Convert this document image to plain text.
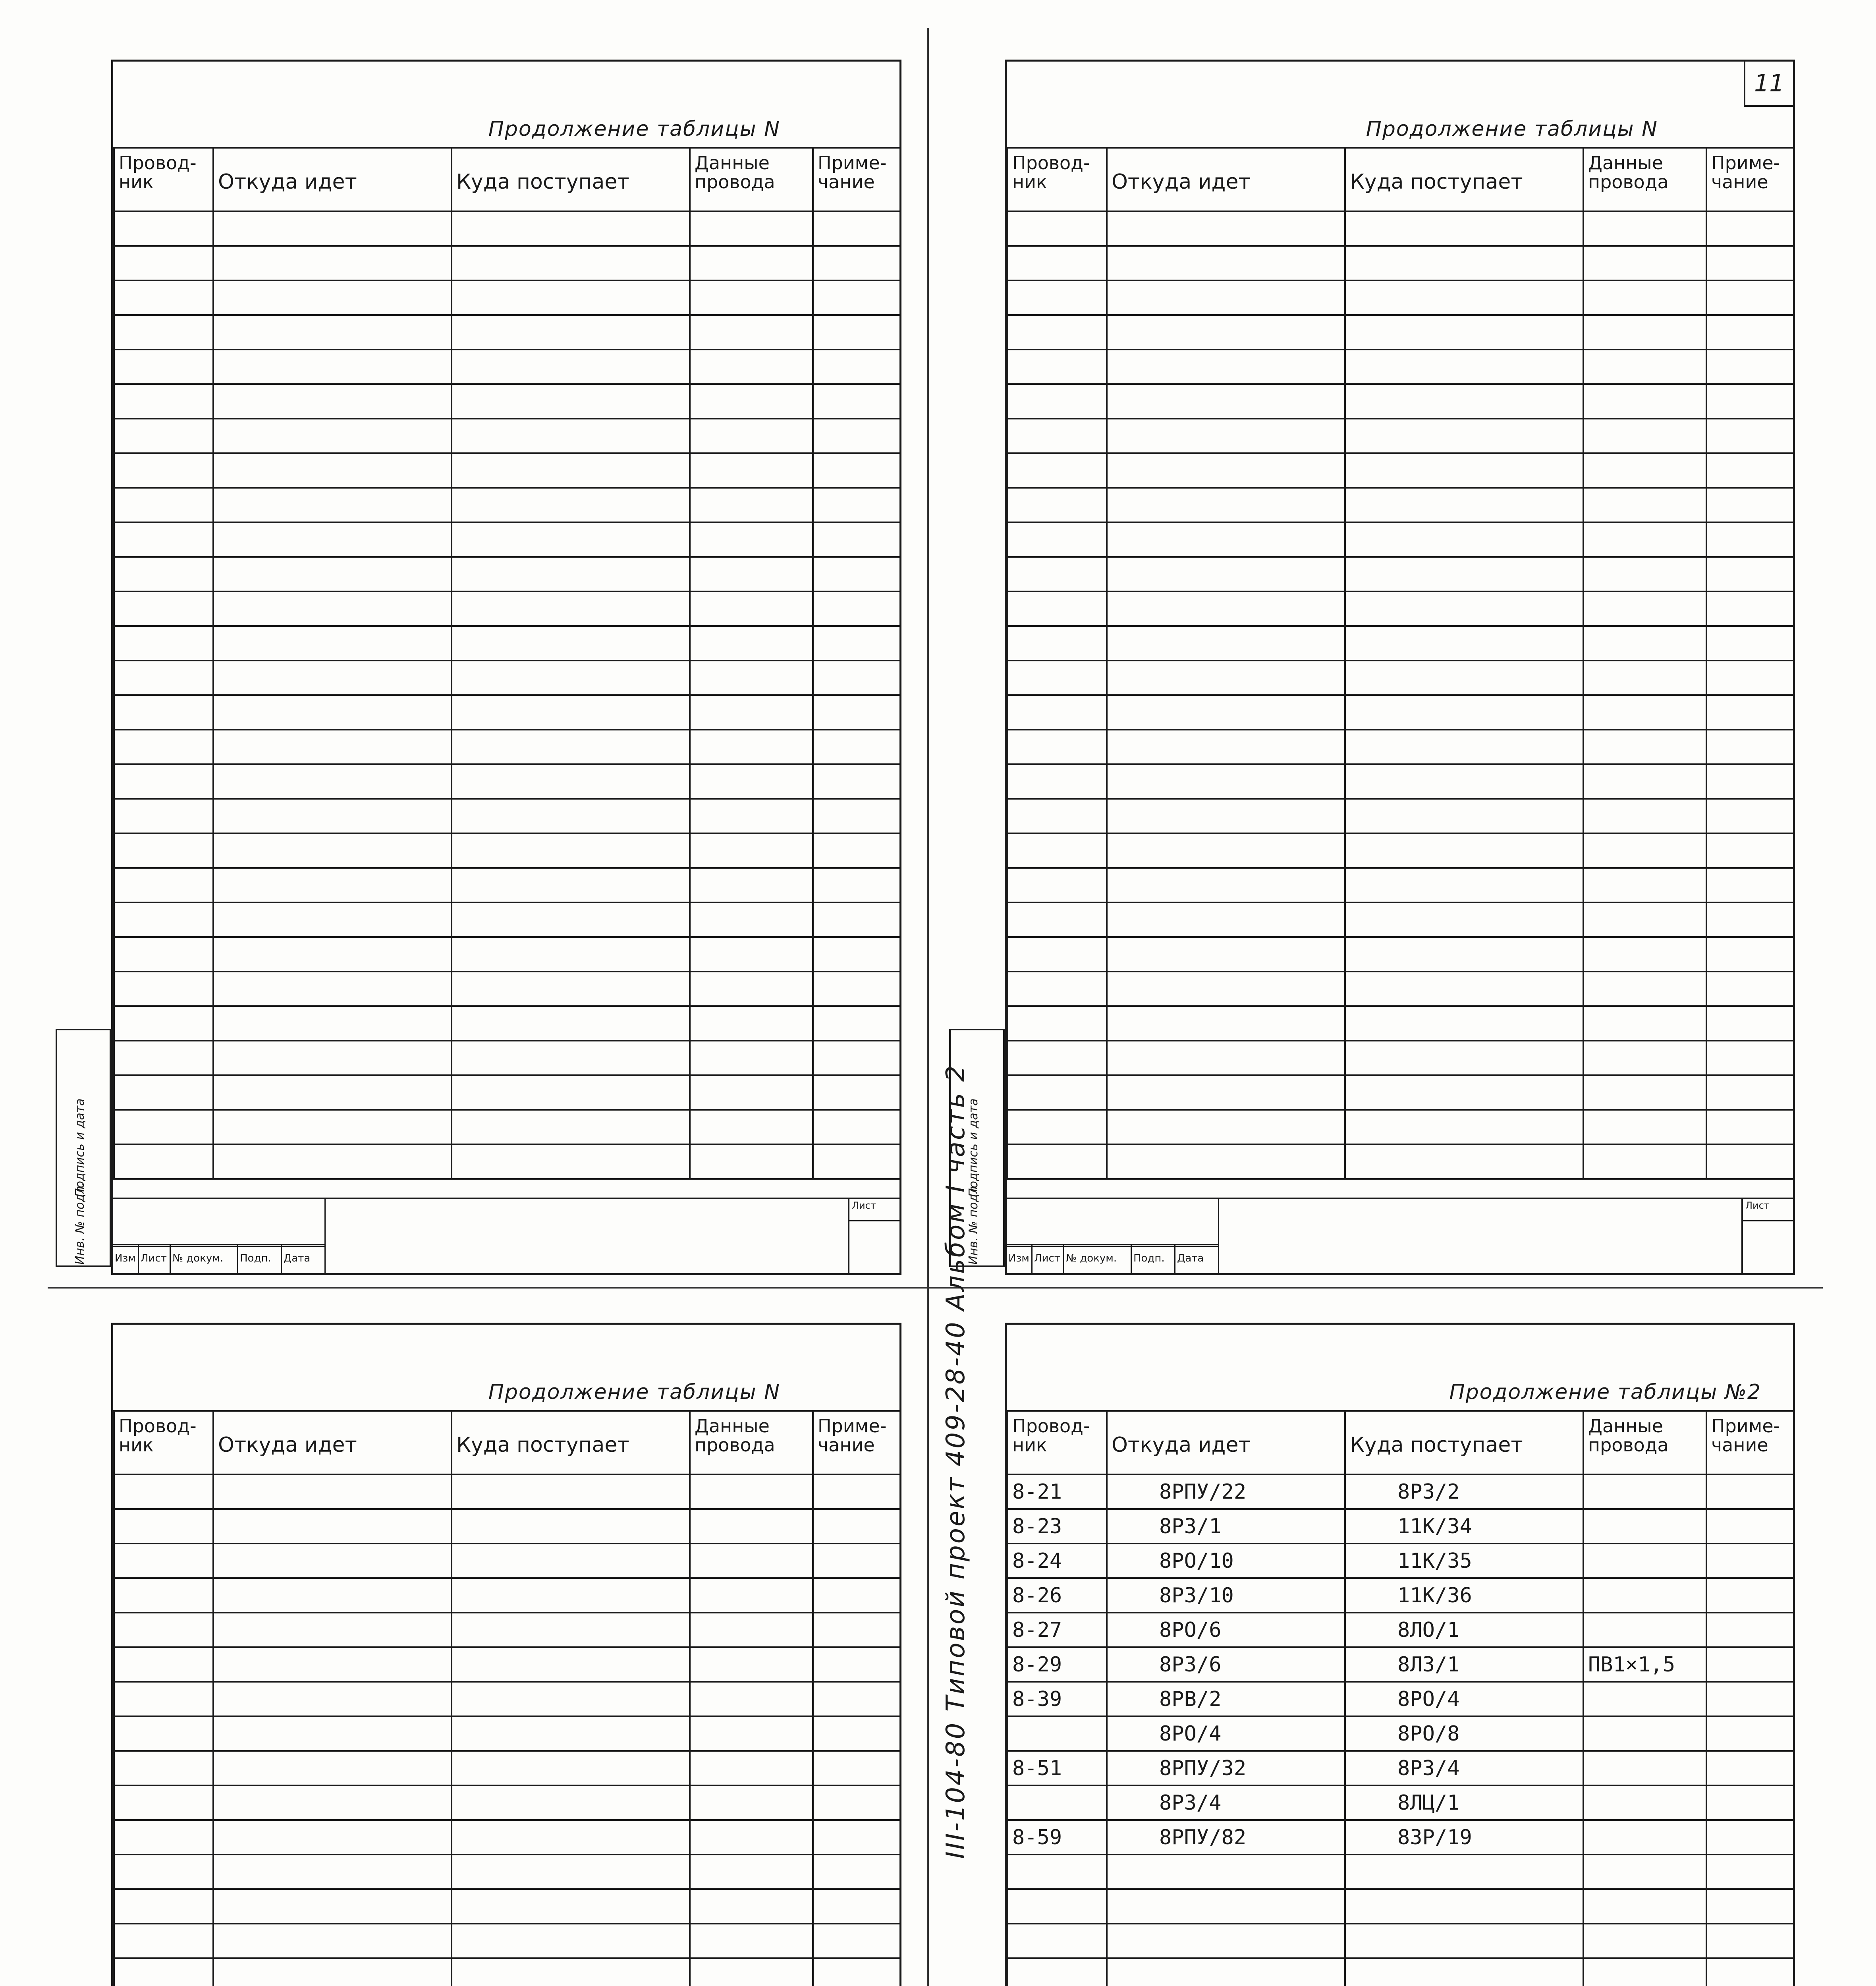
Продолжение таблицы N
Провод-ник	Откуда идет	Куда поступает	Данные провода	Приме-чание

Изм Лист № докум.	Подп.	Дата
Лист
Подпись и дата
Инв. № подл.
11
Продолжение таблицы N
Провод-ник	Откуда идет	Куда поступает	Данные провода	Приме-чание

Изм Лист № докум.	Подп.	Дата
Лист
Подпись и дата
Инв. № подл.
Продолжение таблицы N
Провод-ник	Откуда идет	Куда поступает	Данные провода	Приме-чание

Продолжение таблицы №2
Провод-ник	Откуда идет	Куда поступает	Данные провода	Приме-чание
8-21	8РПУ/22	8Р3/2		
8-23	8Р3/1	11К/34		
8-24	8РО/10	11К/35		
8-26	8Р3/10	11К/36		
8-27	8РО/6	8ЛО/1		
8-29	8Р3/6	8Л3/1	ПВ1×1,5	
8-39	8РВ/2	8РО/4		
	8РО/4	8РО/8		
8-51	8РПУ/32	8Р3/4		
	8Р3/4	8ЛЦ/1		
8-59	8РПУ/82	8ЗР/19		

III-104-80 Типовой проект 409-28-40 Альбом I часть 2
